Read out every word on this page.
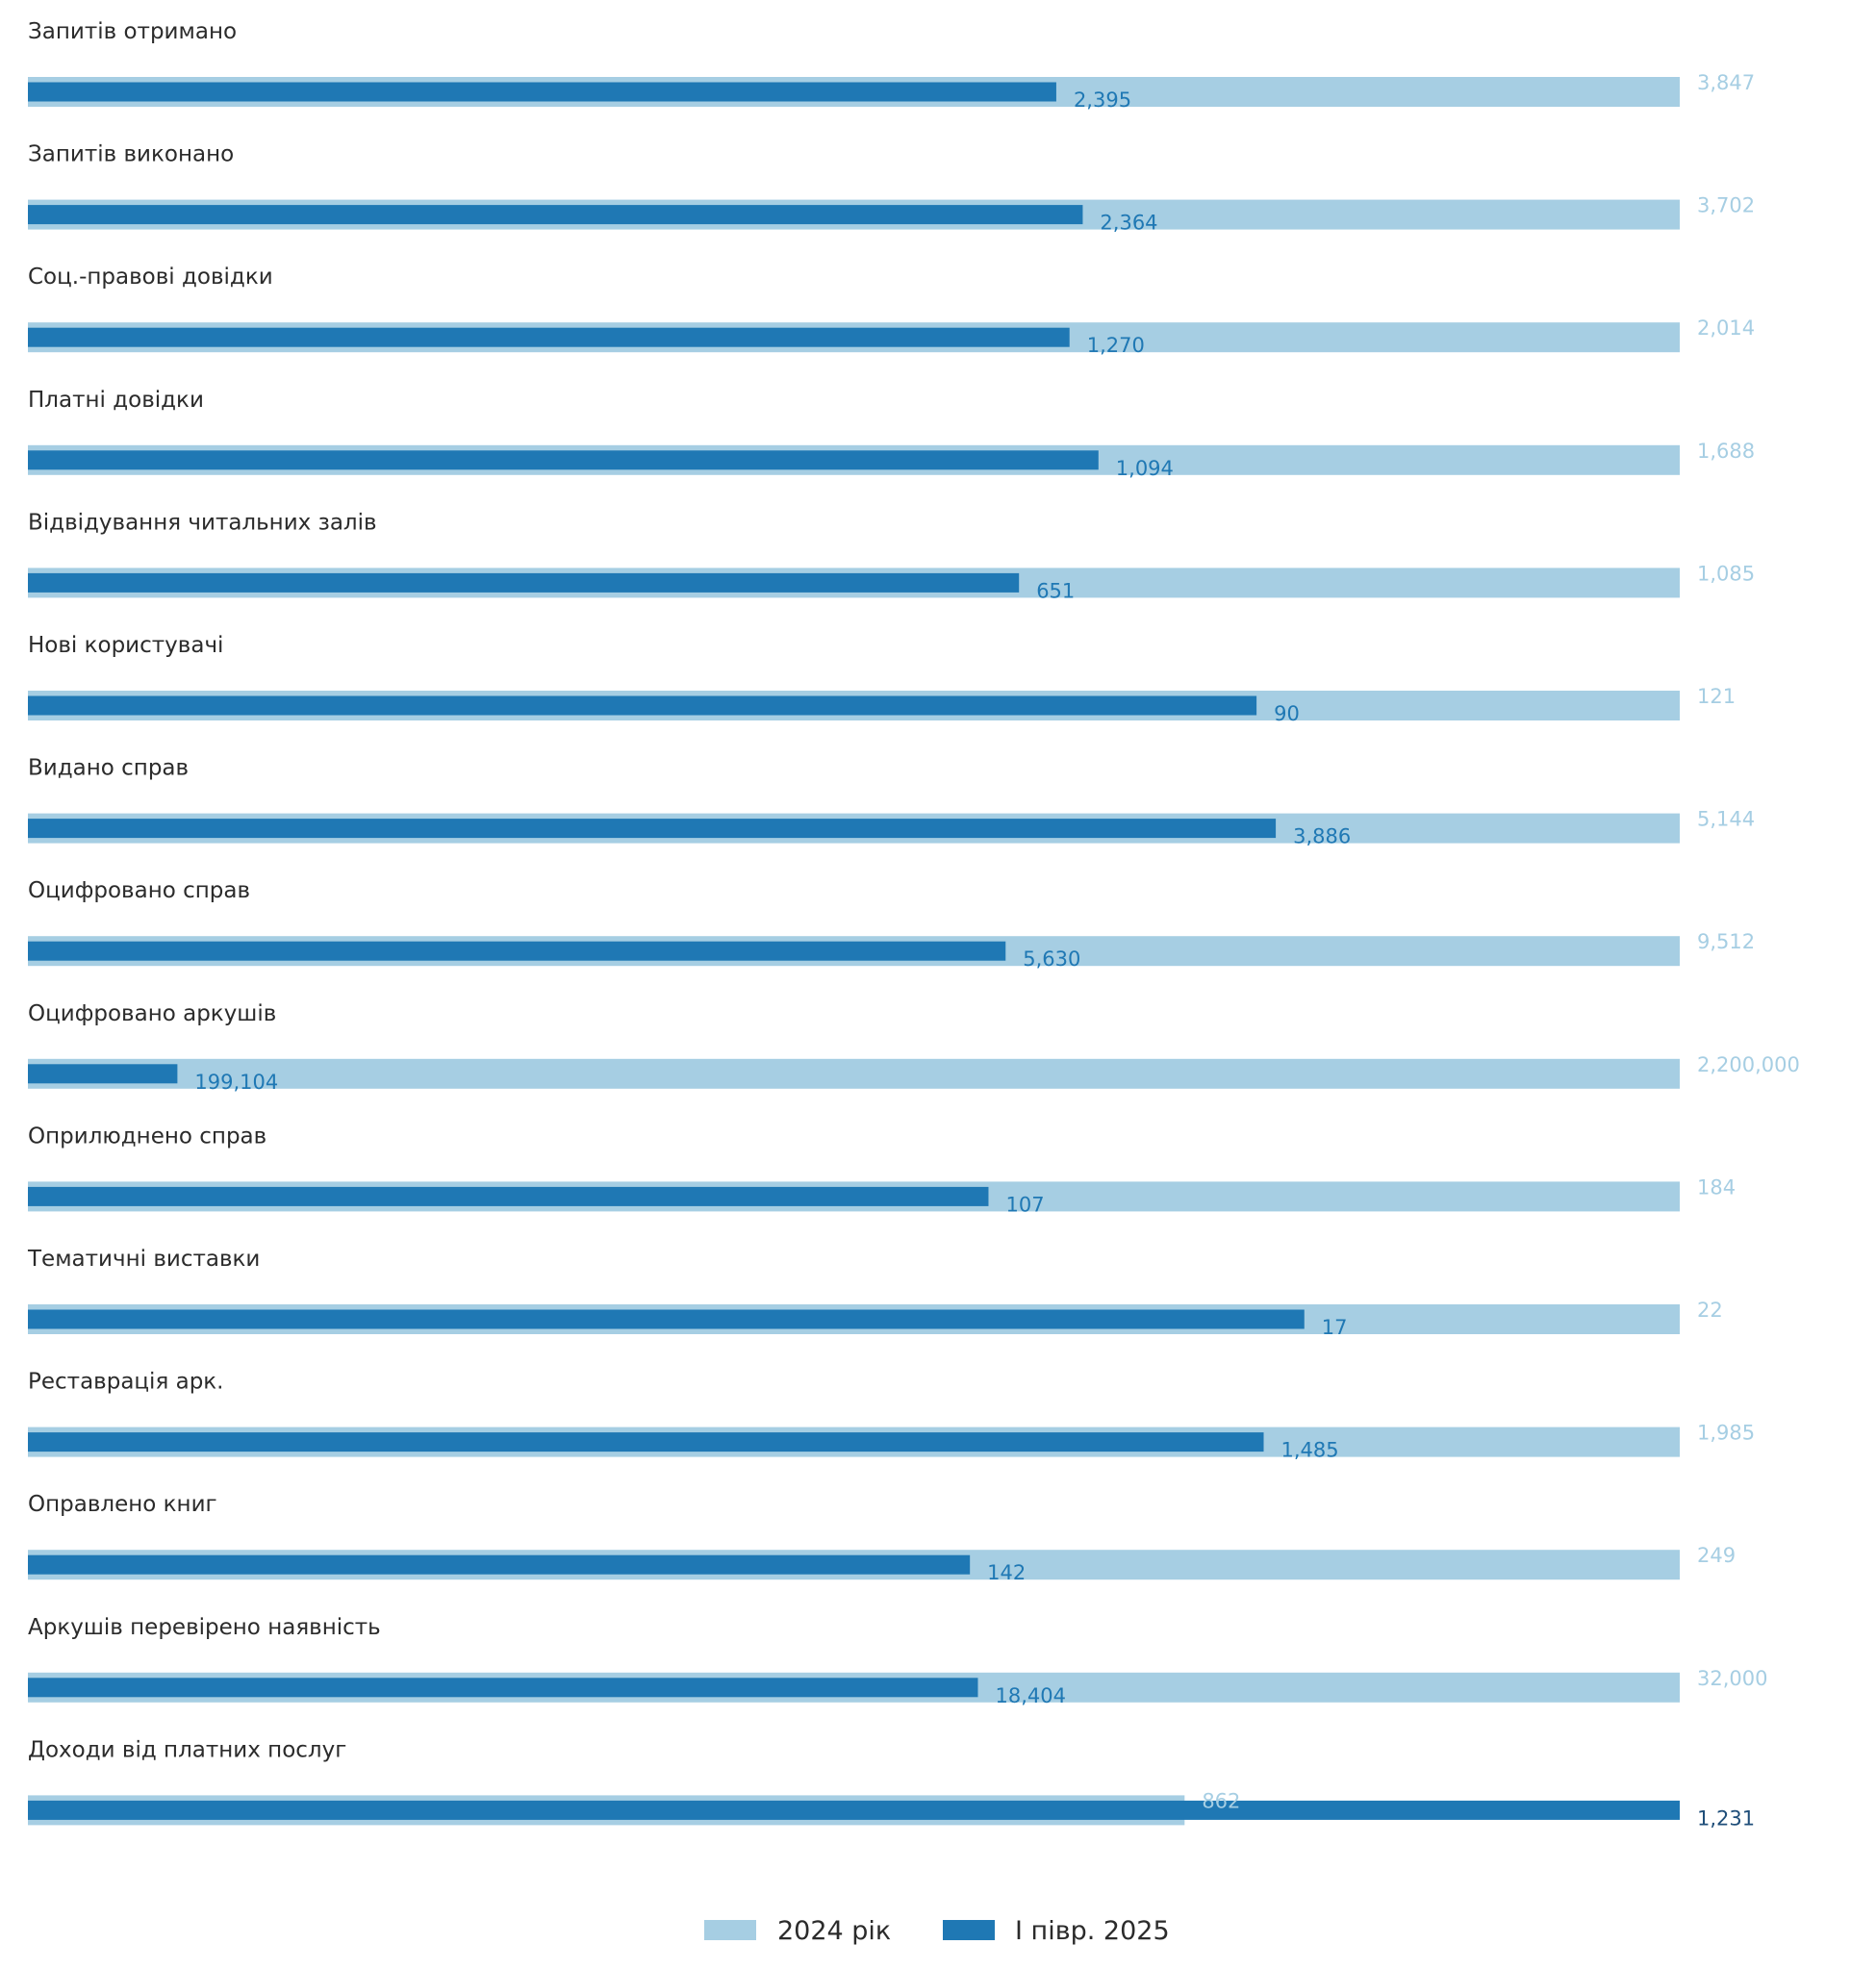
Запитів отримано
3,847
2,395
Запитів виконано
3,702
2,364
Соц.-правові довідки
2,014
1,270
Платні довідки
1,688
1,094
Відвідування читальних залів
1,085
651
Нові користувачі
121
90
Видано справ
5,144
3,886
Оцифровано справ
9,512
5,630
Оцифровано аркушів
2,200,000
199,104
Оприлюднено справ
184
107
Тематичні виставки
22
17
Реставрація арк.
1,985
1,485
Оправлено книг
249
142
Аркушів перевірено наявність
32,000
18,404
Доходи від платних послуг
862
1,231
2024 рік	І півр. 2025
